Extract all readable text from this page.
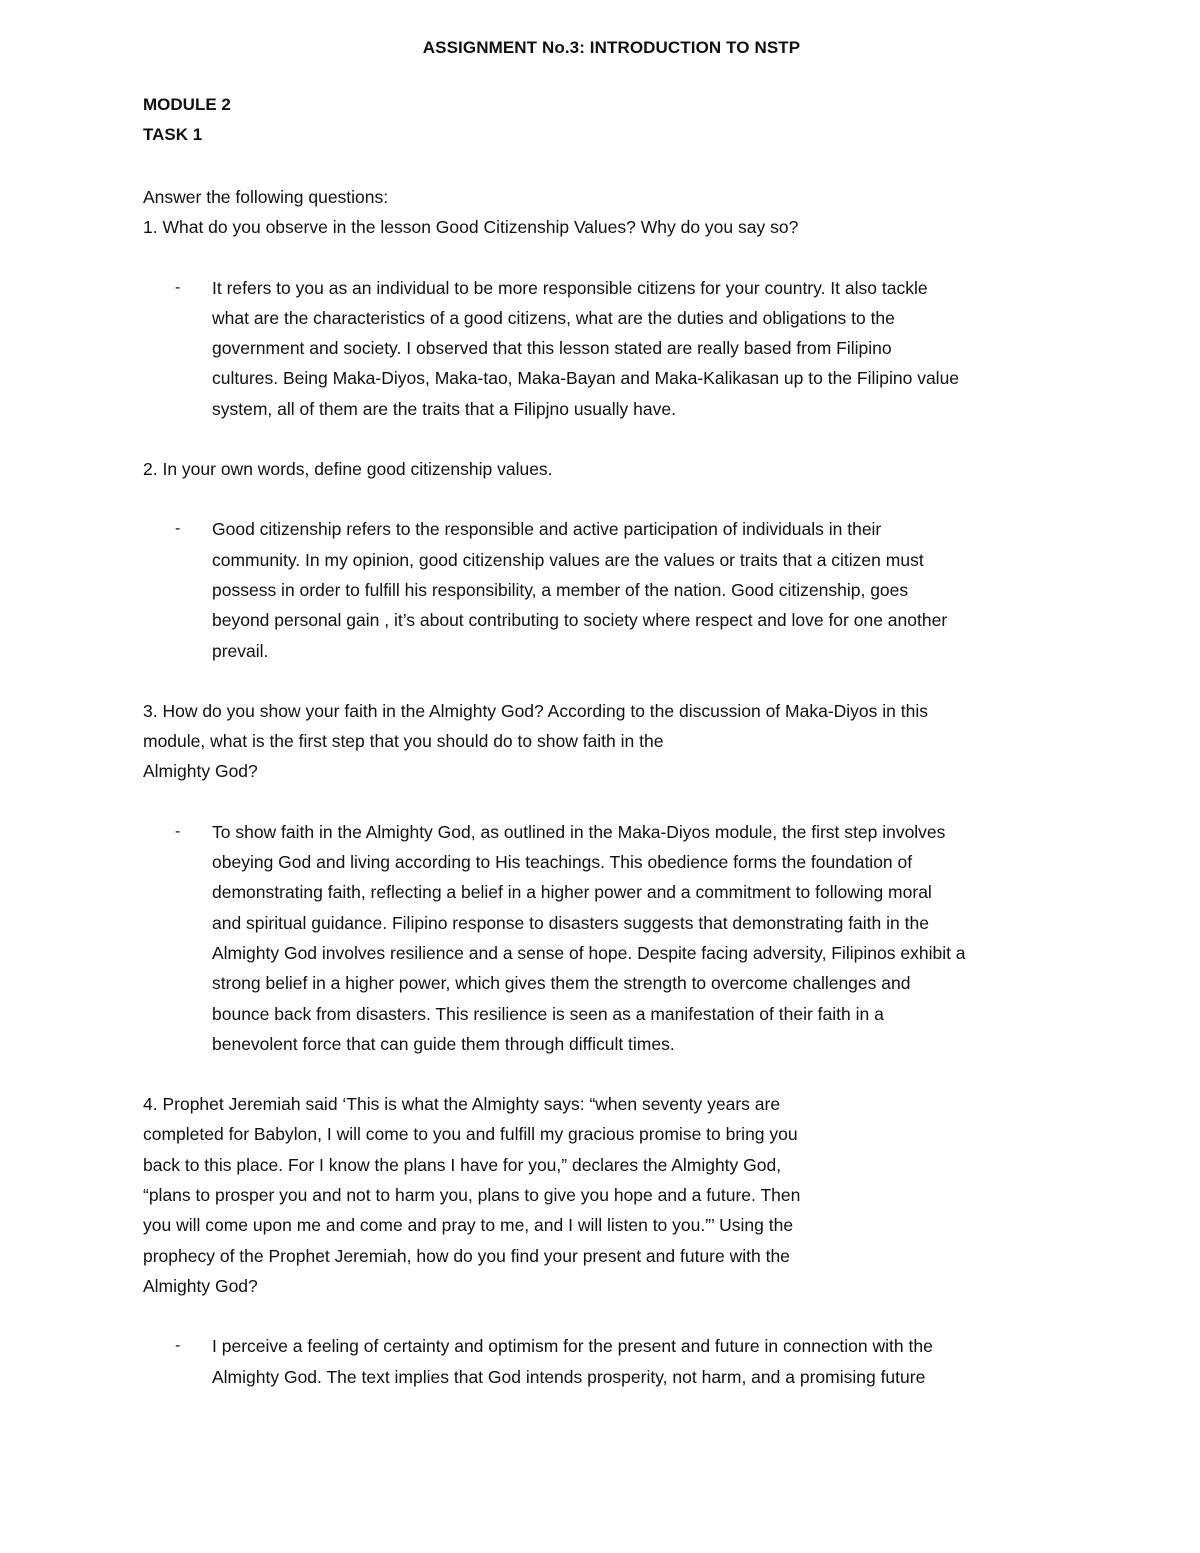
ASSIGNMENT No.3: INTRODUCTION TO NSTP
MODULE 2
TASK 1

Answer the following questions:

1. What do you observe in the lesson Good Citizenship Values? Why do you say so?

- It refers to you as an individual to be more responsible citizens for your country. It also tackle

what are the characteristics of a good citizens, what are the duties and obligations to the

government and society. I observed that this lesson stated are really based from Filipino

cultures. Being Maka-Diyos, Maka-tao, Maka-Bayan and Maka-Kalikasan up to the Filipino value

system, all of them are the traits that a Filipjno usually have.

2. In your own words, define good citizenship values.

- Good citizenship refers to the responsible and active participation of individuals in their

community. In my opinion, good citizenship values are the values or traits that a citizen must

possess in order to fulfill his responsibility, a member of the nation. Good citizenship, goes

beyond personal gain , it’s about contributing to society where respect and love for one another

prevail.

3. How do you show your faith in the Almighty God? According to the discussion of Maka-Diyos in this

module, what is the first step that you should do to show faith in the

Almighty God?

- To show faith in the Almighty God, as outlined in the Maka-Diyos module, the first step involves

obeying God and living according to His teachings. This obedience forms the foundation of

demonstrating faith, reflecting a belief in a higher power and a commitment to following moral

and spiritual guidance. Filipino response to disasters suggests that demonstrating faith in the

Almighty God involves resilience and a sense of hope. Despite facing adversity, Filipinos exhibit a

strong belief in a higher power, which gives them the strength to overcome challenges and

bounce back from disasters. This resilience is seen as a manifestation of their faith in a

benevolent force that can guide them through difficult times.

4. Prophet Jeremiah said ‘This is what the Almighty says: “when seventy years are

completed for Babylon, I will come to you and fulfill my gracious promise to bring you

back to this place. For I know the plans I have for you,” declares the Almighty God,

“plans to prosper you and not to harm you, plans to give you hope and a future. Then

you will come upon me and come and pray to me, and I will listen to you.”’ Using the

prophecy of the Prophet Jeremiah, how do you find your present and future with the

Almighty God?

- I perceive a feeling of certainty and optimism for the present and future in connection with the

Almighty God. The text implies that God intends prosperity, not harm, and a promising future
